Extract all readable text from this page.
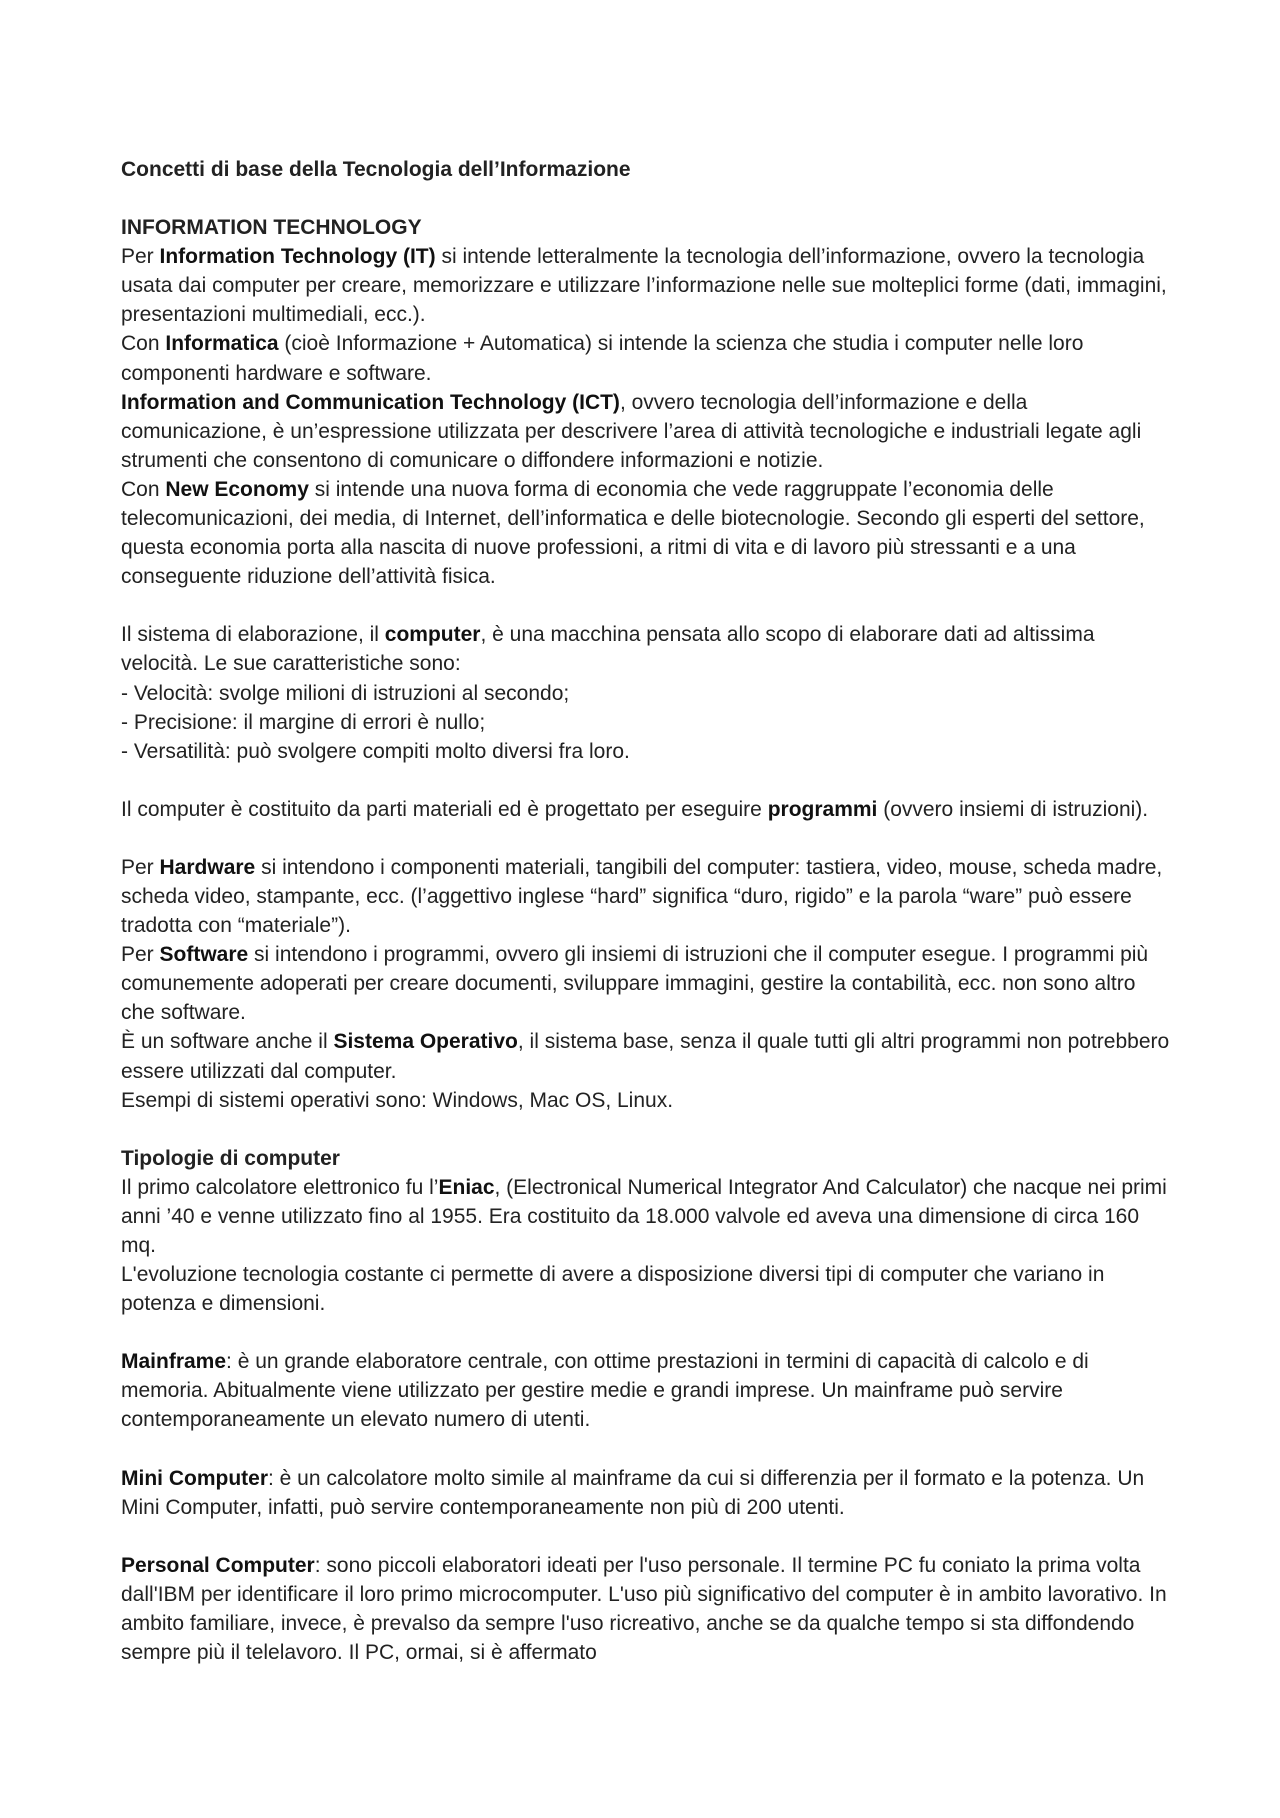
Concetti di base della Tecnologia dell’Informazione

INFORMATION TECHNOLOGY

Per Information Technology (IT) si intende letteralmente la tecnologia dell’informazione, ovvero la tecnologia usata dai computer per creare, memorizzare e utilizzare l’informazione nelle sue molteplici forme (dati, immagini, presentazioni multimediali, ecc.).

Con Informatica (cioè Informazione + Automatica) si intende la scienza che studia i computer nelle loro componenti hardware e software.

Information and Communication Technology (ICT), ovvero tecnologia dell’informazione e della comunicazione, è un’espressione utilizzata per descrivere l’area di attività tecnologiche e industriali legate agli strumenti che consentono di comunicare o diffondere informazioni e notizie.

Con New Economy si intende una nuova forma di economia che vede raggruppate l’economia delle telecomunicazioni, dei media, di Internet, dell’informatica e delle biotecnologie. Secondo gli esperti del settore, questa economia porta alla nascita di nuove professioni, a ritmi di vita e di lavoro più stressanti e a una conseguente riduzione dell’attività fisica.

Il sistema di elaborazione, il computer, è una macchina pensata allo scopo di elaborare dati ad altissima velocità. Le sue caratteristiche sono:

- Velocità: svolge milioni di istruzioni al secondo;

- Precisione: il margine di errori è nullo;

- Versatilità: può svolgere compiti molto diversi fra loro.

Il computer è costituito da parti materiali ed è progettato per eseguire programmi (ovvero insiemi di istruzioni).

Per Hardware si intendono i componenti materiali, tangibili del computer: tastiera, video, mouse, scheda madre, scheda video, stampante, ecc. (l’aggettivo inglese “hard” significa “duro, rigido” e la parola “ware” può essere tradotta con “materiale”).

Per Software si intendono i programmi, ovvero gli insiemi di istruzioni che il computer esegue. I programmi più comunemente adoperati per creare documenti, sviluppare immagini, gestire la contabilità, ecc. non sono altro che software.

È un software anche il Sistema Operativo, il sistema base, senza il quale tutti gli altri programmi non potrebbero essere utilizzati dal computer.

Esempi di sistemi operativi sono: Windows, Mac OS, Linux.

Tipologie di computer

Il primo calcolatore elettronico fu l’Eniac, (Electronical Numerical Integrator And Calculator) che nacque nei primi anni ’40 e venne utilizzato fino al 1955. Era costituito da 18.000 valvole ed aveva una dimensione di circa 160 mq.

L'evoluzione tecnologia costante ci permette di avere a disposizione diversi tipi di computer che variano in potenza e dimensioni.

Mainframe: è un grande elaboratore centrale, con ottime prestazioni in termini di capacità di calcolo e di memoria. Abitualmente viene utilizzato per gestire medie e grandi imprese. Un mainframe può servire contemporaneamente un elevato numero di utenti.

Mini Computer: è un calcolatore molto simile al mainframe da cui si differenzia per il formato e la potenza. Un Mini Computer, infatti, può servire contemporaneamente non più di 200 utenti.

Personal Computer: sono piccoli elaboratori ideati per l'uso personale. Il termine PC fu coniato la prima volta dall'IBM per identificare il loro primo microcomputer. L'uso più significativo del computer è in ambito lavorativo. In ambito familiare, invece, è prevalso da sempre l'uso ricreativo, anche se da qualche tempo si sta diffondendo sempre più il telelavoro. Il PC, ormai, si è affermato
